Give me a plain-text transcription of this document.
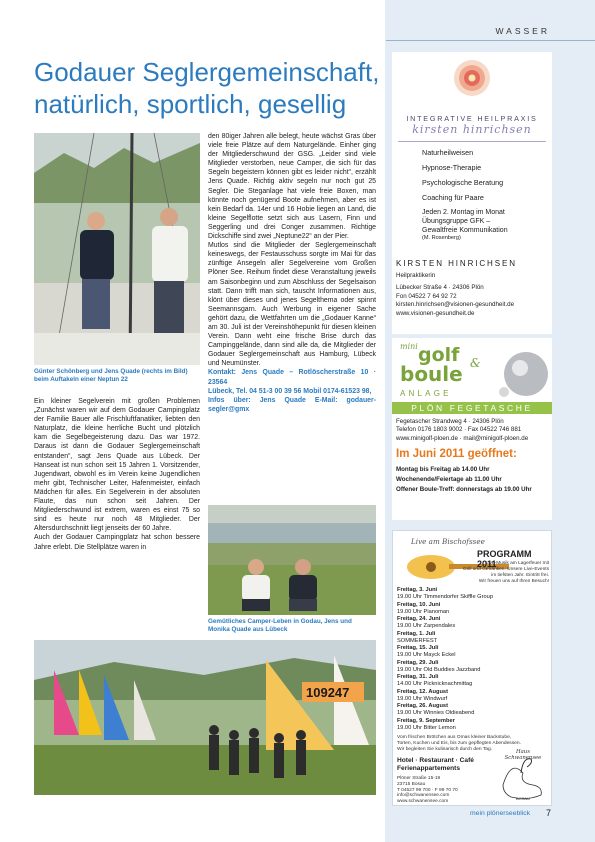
WASSER
Godauer Seglergemeinschaft,
natürlich, sportlich, gesellig
Günter Schönberg und Jens Quade (rechts im Bild)
beim Auftakeln einer Neptun 22

Ein kleiner Segelverein mit großen Problemen „Zunächst waren wir auf dem Godauer Campingplatz der Familie Bauer alle Frischluftfanatiker, liebten den Naturplatz, die kleine herrliche Bucht und plötzlich kam die Segelbegeisterung dazu. Das war 1972. Daraus ist dann die Godauer Seglergemeinschaft entstanden“, sagt Jens Quade aus Lübeck. Der Hanseat ist nun schon seit 15 Jahren 1. Vorsitzender, Jugendwart, obwohl es im Verein keine Jugendlichen mehr gibt, Technischer Leiter, Hafenmeister, einfach Mädchen für alles. Ein Segelverein in der absoluten Flaute, das nun schon seit Jahren. Der Mitgliederschwund ist extrem, waren es einst 75 so sind es heute nur noch 48 Mitglieder. Der Altersdurchschnitt liegt jenseits der 60 Jahre.

Auch der Godauer Campingplatz hat schon bessere Jahre erlebt. Die Stellplätze waren in

den 80iger Jahren alle belegt, heute wächst Gras über viele freie Plätze auf dem Naturgelände. Einher ging der Mitgliederschwund der GSG. „Leider sind viele Mitglieder verstorben, neue Camper, die sich für das Segeln begeistern können gibt es leider nicht“, erzählt Jens Quade. Richtig aktiv segeln nur noch gut 25 Segler. Die Steganlage hat viele freie Boxen, man könnte noch genügend Boote aufnehmen, aber es ist kein Bedarf da. 14er und 16 Hobie liegen an Land, die kleine Segelflotte setzt sich aus Lasern, Finn und Seggerling und drei Conger zusammen. Richtige Dickschiffe sind zwei „Neptune22“ an der Pier.

Mutlos sind die Mitglieder der Seglergemeinschaft keineswegs, der Festausschuss sorgte im Mai für das zünftige Ansegeln aller Segelvereine vom Großen Plöner See. Reihum findet diese Veranstaltung jeweils am Saisonbeginn und zum Abschluss der Segelsaison statt. Dann trifft man sich, tauscht Informationen aus, klönt über dieses und jenes Segelthema oder spinnt Seemannsgarn. Auch Werbung in eigener Sache gehört dazu, die Wettfahrten um die „Godauer Kanne“ am 30. Juli ist der Vereinshöhepunkt für diesen kleinen Verein. Dann weht eine frische Brise durch das Campinggelände, dann sind alle da, die Mitglieder der Godauer Seglergemeinschaft aus Hamburg, Lübeck und Neumünster.

Kontakt: Jens Quade – Rotlöscherstraße 10 · 23564
Lübeck, Tel. 04 51-3 00 39 56 Mobil 0174-61523 98,
Infos über: Jens Quade E-Mail: godauer-segler@gmx
Gemütliches Camper-Leben in Godau, Jens und
Monika Quade aus Lübeck
109247
INTEGRATIVE HEILPRAXIS
kirsten hinrichsen
Naturheilweisen
Hypnose-Therapie
Psychologische Beratung
Coaching für Paare
Jeden 2. Montag im Monat
Übungsgruppe GFK –
Gewaltfreie Kommunikation
(M. Rosenberg)
KIRSTEN HINRICHSEN
Heilpraktikerin
Lübecker Straße 4 · 24306 Plön
Fon 04522 7 64 92 72
kirsten.hinrichsen@visionen-gesundheit.de
www.visionen-gesundheit.de
mini golf &
boule
ANLAGE
PLÖN FEGETASCHE
Fegetascher Strandweg 4 · 24306 Plön
Telefon 0176 1803 9002 · Fax 04522 746 881
www.minigolf-ploen.de · mail@minigolf-ploen.de
Im Juni 2011 geöffnet:
Montag bis Freitag ab 14.00 Uhr
Wochenende/Feiertage ab 11.00 Uhr
Offener Boule-Treff: donnerstags ab 19.00 Uhr
Live am Bischofssee
PROGRAMM 2011
Live-Musik am Lagerfeuer mit
Grill und Getränken. Unsere Live-Events
im tiefsten Jahr. Eintritt frei.
Wir freuen uns auf Ihren Besuch!
Freitag, 3. Juni
19.00 Uhr Timmendorfer Skiffle Group
Freitag, 10. Juni
19.00 Uhr Pianoman
Freitag, 24. Juni
19.00 Uhr Zarpendales
Freitag, 1. Juli
SOMMERFEST
Freitag, 15. Juli
19.00 Uhr Mayck Eckel
Freitag, 29. Juli
19.00 Uhr Old Buddies Jazzband
Freitag, 31. Juli
14.00 Uhr Picknicknachmittag
Freitag, 12. August
19.00 Uhr Windwurf
Freitag, 26. August
19.00 Uhr Winnies Oldieabend
Freitag, 9. September
19.00 Uhr Bitter Lemon
Vom frischen Brötchen aus Omas kleiner Backstube,
Torten, Kuchen und Eis, bis zum gepflegten Abendessen.
Wir begleiten Sie kulinarisch durch den Tag.
Hotel · Restaurant · Café
Ferienappartements
Plöner Straße 15-19
23715 Bosau
T 04527 99 700 · F 99 70 70
info@schwanensee.com
www.schwanensee.com
Haus Schwanensee
BOSAU
mein plönerseeblick 7
